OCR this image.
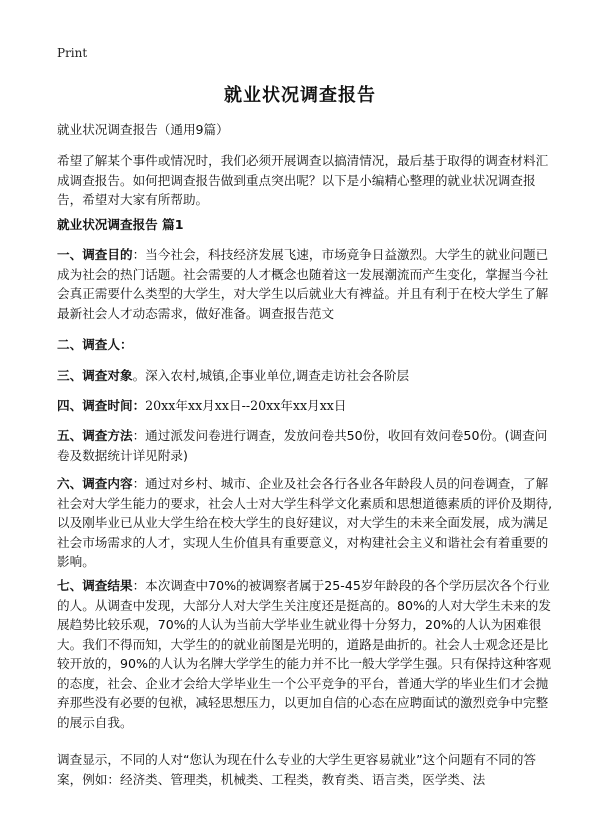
Print
就业状况调查报告

就业状况调查报告（通用9篇）

希望了解某个事件或情况时，我们必须开展调查以搞清情况，最后基于取得的调查材料汇成调查报告。如何把调查报告做到重点突出呢？以下是小编精心整理的就业状况调查报告，希望对大家有所帮助。

就业状况调查报告 篇1

一、调查目的：当今社会，科技经济发展飞速，市场竟争日益激烈。大学生的就业问题已成为社会的热门话题。社会需要的人才概念也随着这一发展潮流而产生变化，掌握当今社会真正需要什么类型的大学生，对大学生以后就业大有裨益。并且有利于在校大学生了解最新社会人才动态需求，做好准备。调查报告范文

二、调查人：

三、调查对象。深入农村,城镇,企事业单位,调查走访社会各阶层

四、调查时间：20xx年xx月xx日--20xx年xx月xx日

五、调查方法：通过派发问卷进行调查，发放问卷共50份，收回有效问卷50份。(调查问卷及数据统计详见附录)

六、调查内容：通过对乡村、城市、企业及社会各行各业各年龄段人员的问卷调查，了解社会对大学生能力的要求，社会人士对大学生科学文化素质和思想道德素质的评价及期待,以及刚毕业已从业大学生给在校大学生的良好建议，对大学生的未来全面发展，成为满足社会市场需求的人才，实现人生价值具有重要意义，对构建社会主义和谐社会有着重要的影响。

七、调查结果：本次调查中70%的被调察者属于25-45岁年龄段的各个学历层次各个行业的人。从调查中发现，大部分人对大学生关注度还是挺高的。80%的人对大学生未来的发展趋势比较乐观，70%的人认为当前大学毕业生就业得十分努力，20%的人认为困难很大。我们不得而知，大学生的的就业前图是光明的，道路是曲折的。社会人士观念还是比较开放的，90%的人认为名牌大学学生的能力并不比一般大学学生强。只有保持这种客观的态度，社会、企业才会给大学毕业生一个公平竞争的平台，普通大学的毕业生们才会抛弃那些没有必要的包袱，减轻思想压力，以更加自信的心态在应聘面试的激烈竞争中完整的展示自我。

调查显示，不同的人对“您认为现在什么专业的大学生更容易就业”这个问题有不同的答案，例如：经济类、管理类，机械类、工程类，教育类、语言类，医学类、法
